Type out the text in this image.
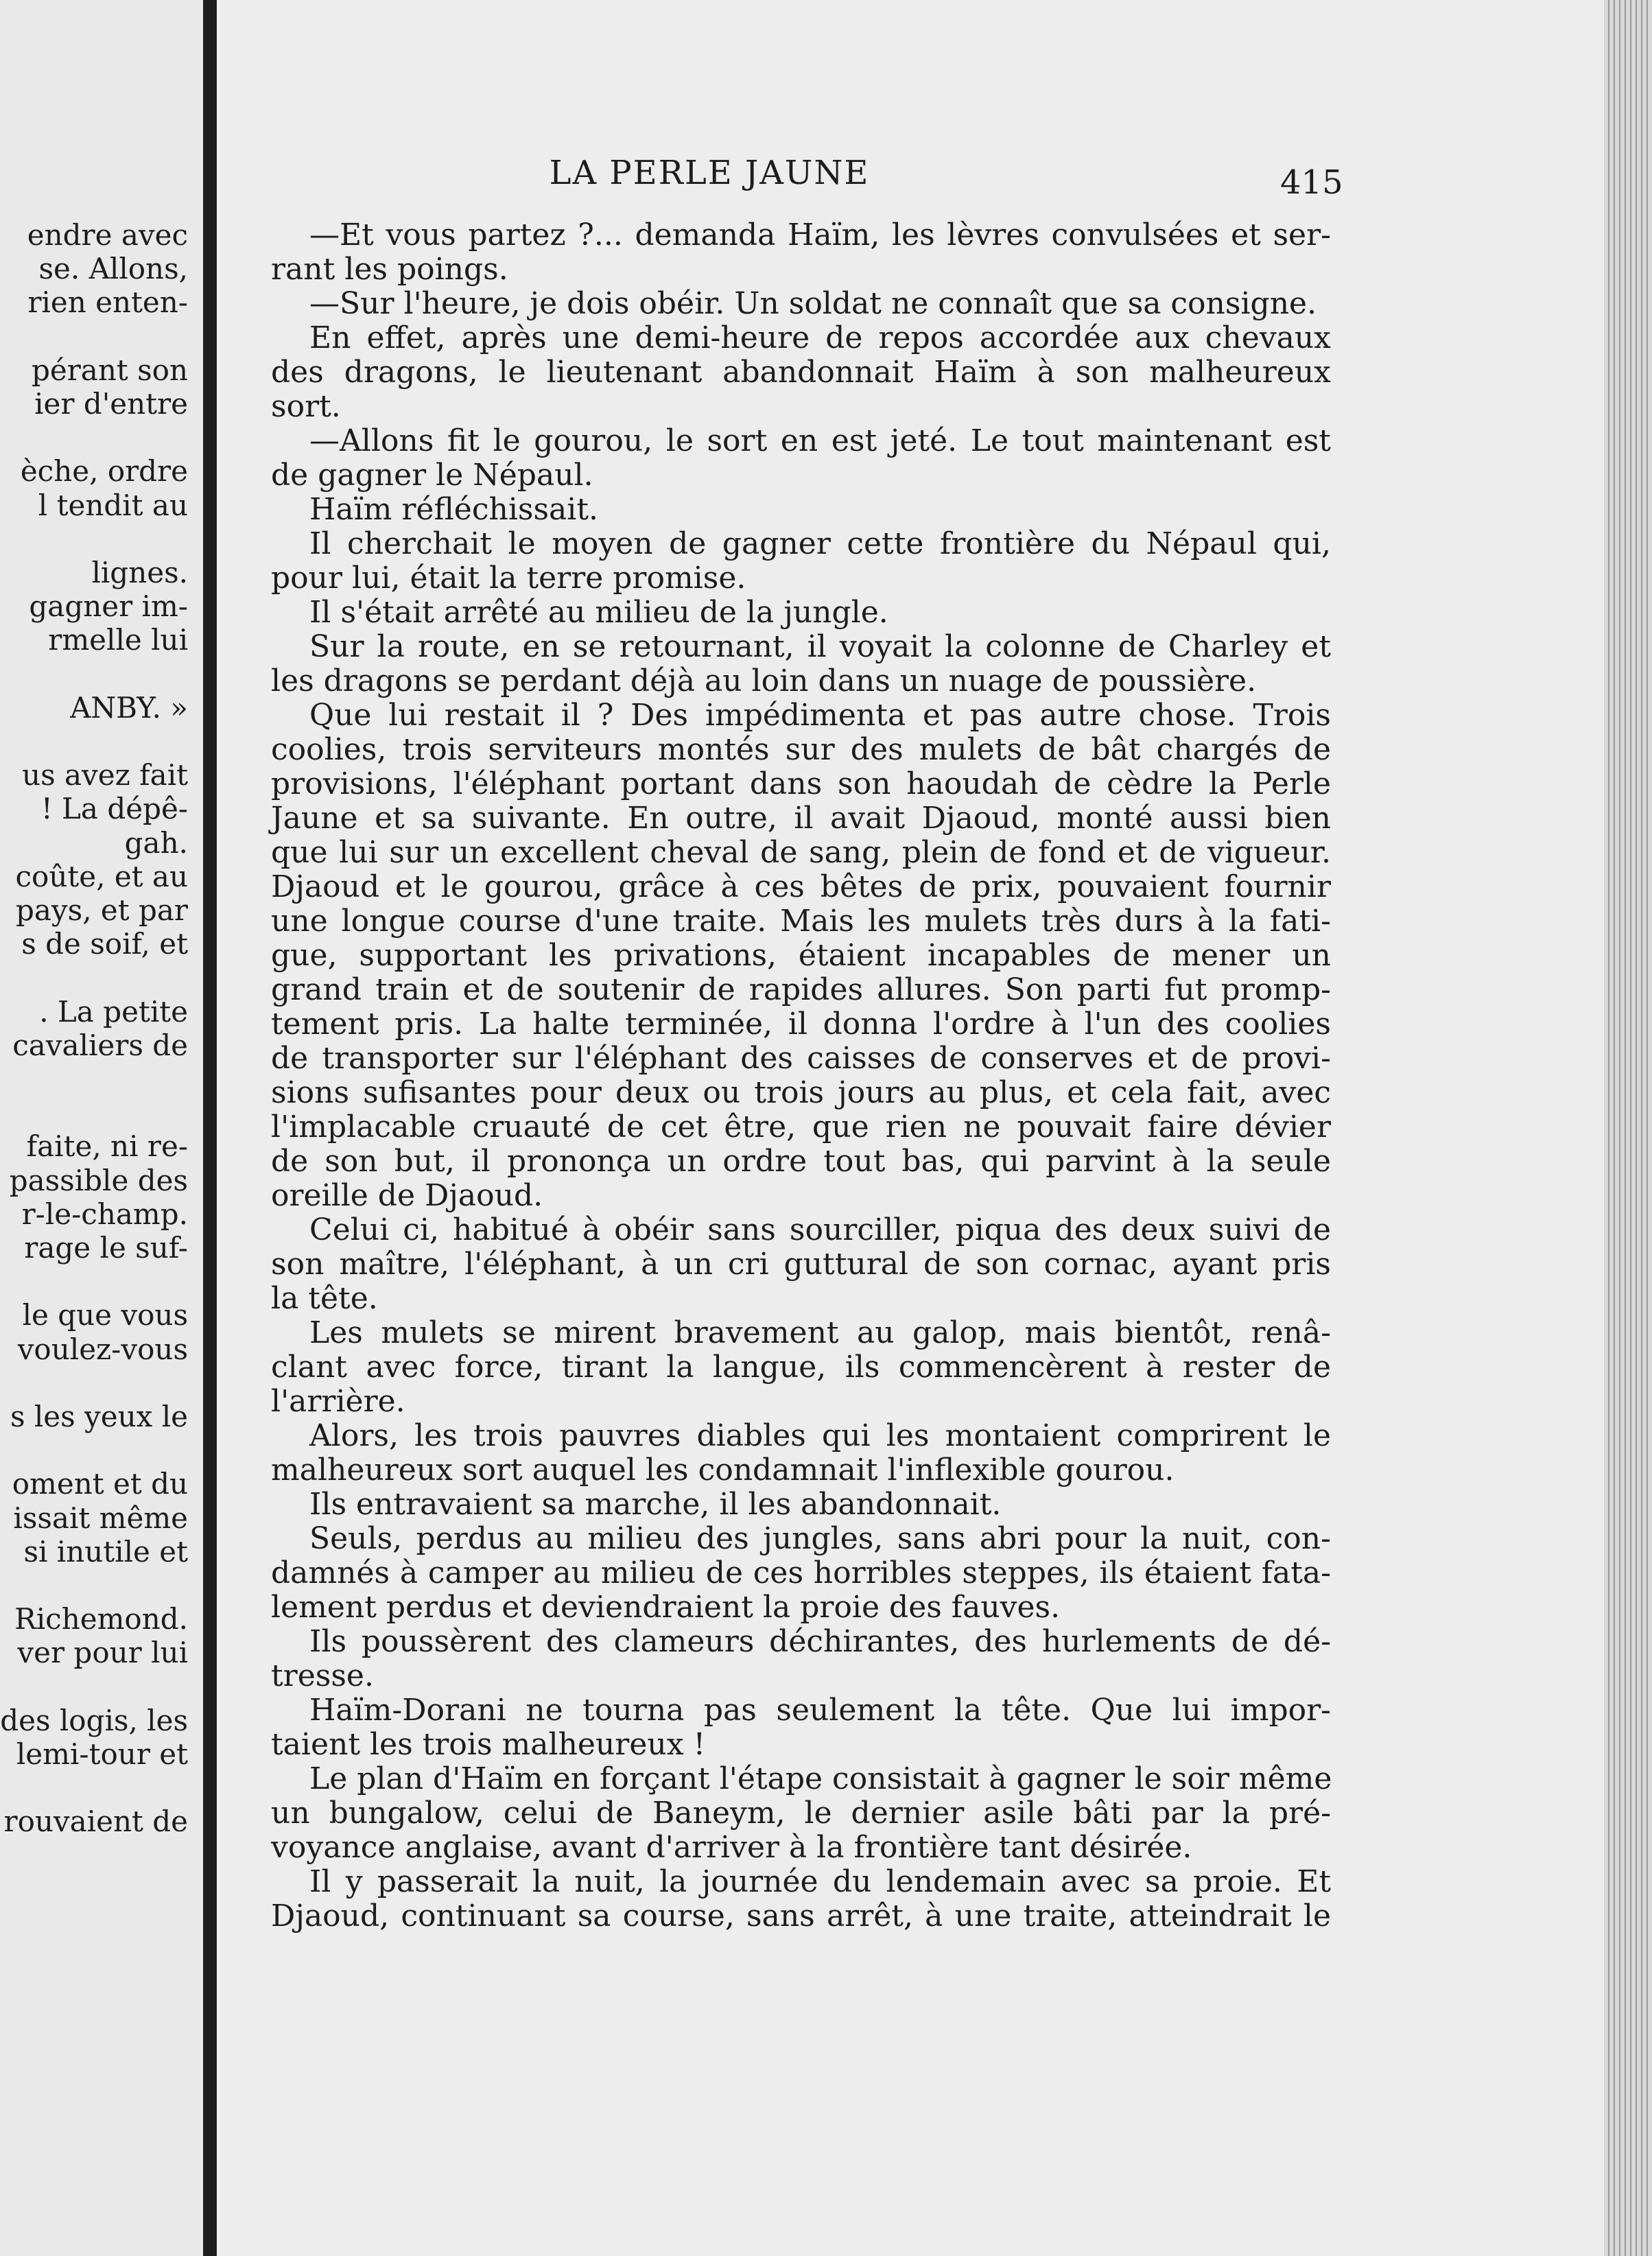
endre avec
se. Allons,
rien enten-
pérant son
ier d'entre
èche, ordre
l tendit au
lignes.
gagner im-
rmelle lui
ANBY. »
us avez fait
! La dépê-
gah.
coûte, et au
pays, et par
s de soif, et
. La petite
cavaliers de
faite, ni re-
passible des
r-le-champ.
rage le suf-
le que vous
voulez-vous
s les yeux le
oment et du
issait même
si inutile et
Richemond.
ver pour lui
des logis, les
lemi-tour et
rouvaient de
LA PERLE JAUNE	415
—Et vous partez ?... demanda Haïm, les lèvres convulsées et ser-
rant les poings.
—Sur l'heure, je dois obéir. Un soldat ne connaît que sa consigne.
En effet, après une demi-heure de repos accordée aux chevaux
des dragons, le lieutenant abandonnait Haïm à son malheureux
sort.
—Allons fit le gourou, le sort en est jeté. Le tout maintenant est
de gagner le Népaul.
Haïm réfléchissait.
Il cherchait le moyen de gagner cette frontière du Népaul qui,
pour lui, était la terre promise.
Il s'était arrêté au milieu de la jungle.
Sur la route, en se retournant, il voyait la colonne de Charley et
les dragons se perdant déjà au loin dans un nuage de poussière.
Que lui restait il ? Des impédimenta et pas autre chose. Trois
coolies, trois serviteurs montés sur des mulets de bât chargés de
provisions, l'éléphant portant dans son haoudah de cèdre la Perle
Jaune et sa suivante. En outre, il avait Djaoud, monté aussi bien
que lui sur un excellent cheval de sang, plein de fond et de vigueur.
Djaoud et le gourou, grâce à ces bêtes de prix, pouvaient fournir
une longue course d'une traite. Mais les mulets très durs à la fati-
gue, supportant les privations, étaient incapables de mener un
grand train et de soutenir de rapides allures. Son parti fut promp-
tement pris. La halte terminée, il donna l'ordre à l'un des coolies
de transporter sur l'éléphant des caisses de conserves et de provi-
sions sufisantes pour deux ou trois jours au plus, et cela fait, avec
l'implacable cruauté de cet être, que rien ne pouvait faire dévier
de son but, il prononça un ordre tout bas, qui parvint à la seule
oreille de Djaoud.
Celui ci, habitué à obéir sans sourciller, piqua des deux suivi de
son maître, l'éléphant, à un cri guttural de son cornac, ayant pris
la tête.
Les mulets se mirent bravement au galop, mais bientôt, renâ-
clant avec force, tirant la langue, ils commencèrent à rester de
l'arrière.
Alors, les trois pauvres diables qui les montaient comprirent le
malheureux sort auquel les condamnait l'inflexible gourou.
Ils entravaient sa marche, il les abandonnait.
Seuls, perdus au milieu des jungles, sans abri pour la nuit, con-
damnés à camper au milieu de ces horribles steppes, ils étaient fata-
lement perdus et deviendraient la proie des fauves.
Ils poussèrent des clameurs déchirantes, des hurlements de dé-
tresse.
Haïm-Dorani ne tourna pas seulement la tête. Que lui impor-
taient les trois malheureux !
Le plan d'Haïm en forçant l'étape consistait à gagner le soir même
un bungalow, celui de Baneym, le dernier asile bâti par la pré-
voyance anglaise, avant d'arriver à la frontière tant désirée.
Il y passerait la nuit, la journée du lendemain avec sa proie. Et
Djaoud, continuant sa course, sans arrêt, à une traite, atteindrait le
